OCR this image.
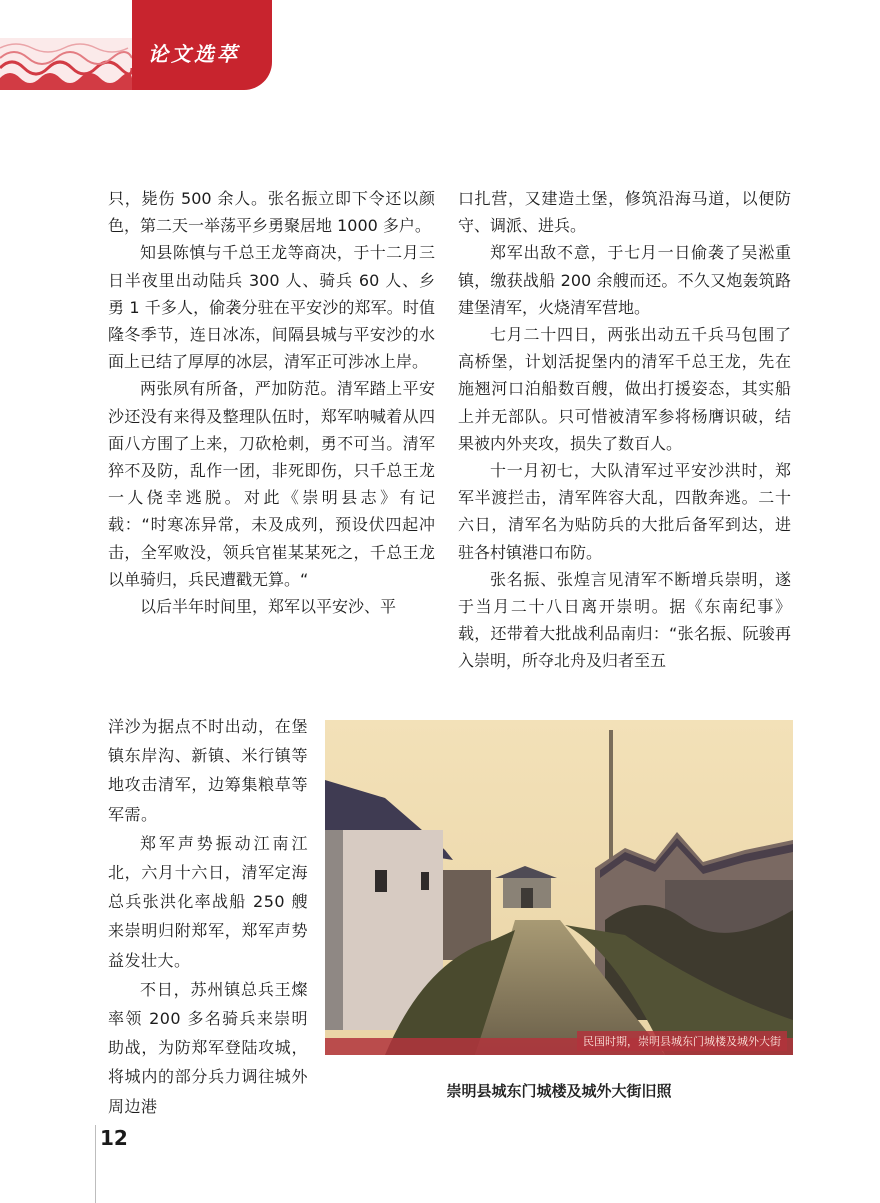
论文选萃

只，毙伤 500 余人。张名振立即下令还以颜色，第二天一举荡平乡勇聚居地 1000 多户。

知县陈慎与千总王龙等商决，于十二月三日半夜里出动陆兵 300 人、骑兵 60 人、乡勇 1 千多人，偷袭分驻在平安沙的郑军。时值隆冬季节，连日冰冻，间隔县城与平安沙的水面上已结了厚厚的冰层，清军正可涉冰上岸。

两张夙有所备，严加防范。清军踏上平安沙还没有来得及整理队伍时，郑军呐喊着从四面八方围了上来，刀砍枪刺，勇不可当。清军猝不及防，乱作一团，非死即伤，只千总王龙一人侥幸逃脱。对此《崇明县志》有记载：“时寒冻异常，未及成列，预设伏四起冲击，全军败没，领兵官崔某某死之，千总王龙以单骑归，兵民遭戳无算。“

以后半年时间里，郑军以平安沙、平

洋沙为据点不时出动，在堡镇东岸沟、新镇、米行镇等地攻击清军，边筹集粮草等军需。

郑军声势振动江南江北，六月十六日，清军定海总兵张洪化率战船 250 艘来崇明归附郑军，郑军声势益发壮大。

不日，苏州镇总兵王燦率领 200 多名骑兵来崇明助战，为防郑军登陆攻城，将城内的部分兵力调往城外周边港

口扎营，又建造土堡，修筑沿海马道，以便防守、调派、进兵。

郑军出敌不意，于七月一日偷袭了吴淞重镇，缴获战船 200 余艘而还。不久又炮轰筑路建堡清军，火烧清军营地。

七月二十四日，两张出动五千兵马包围了高桥堡，计划活捉堡内的清军千总王龙，先在施翘河口泊船数百艘，做出打援姿态，其实船上并无部队。只可惜被清军参将杨膺识破，结果被内外夹攻，损失了数百人。

十一月初七，大队清军过平安沙洪时，郑军半渡拦击，清军阵容大乱，四散奔逃。二十六日，清军名为贴防兵的大批后备军到达，进驻各村镇港口布防。

张名振、张煌言见清军不断增兵崇明，遂于当月二十八日离开崇明。据《东南纪事》载，还带着大批战利品南归：“张名振、阮骏再入崇明，所夺北舟及归者至五

民国时期，崇明县城东门城楼及城外大街
崇明县城东门城楼及城外大街旧照
12
